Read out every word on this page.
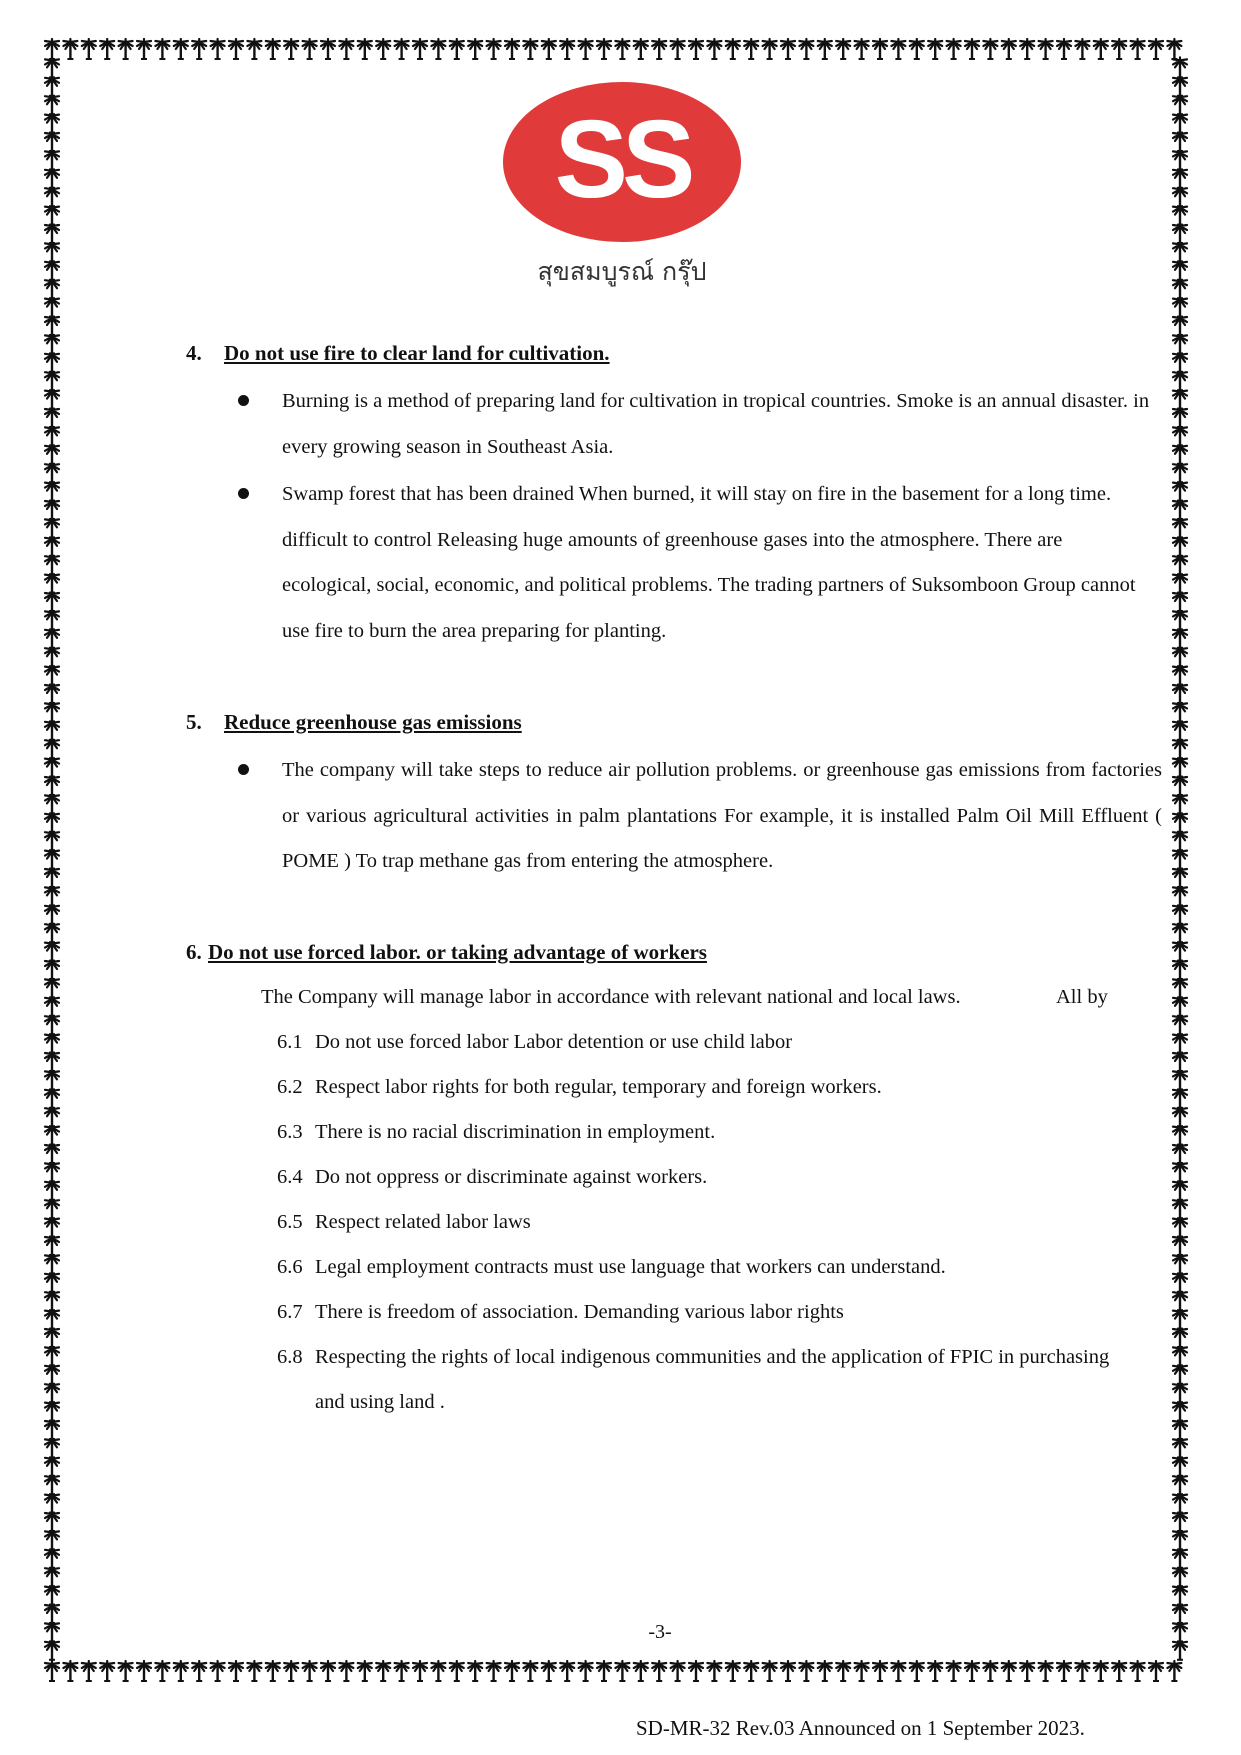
SS
สุขสมบูรณ์ กรุ๊ป
4. Do not use fire to clear land for cultivation.

Burning is a method of preparing land for cultivation in tropical countries. Smoke is an annual disaster. in every growing season in Southeast Asia.

Swamp forest that has been drained When burned, it will stay on fire in the basement for a long time. difficult to control Releasing huge amounts of greenhouse gases into the atmosphere. There are ecological, social, economic, and political problems. The trading partners of Suksomboon Group cannot use fire to burn the area preparing for planting.

5. Reduce greenhouse gas emissions

The company will take steps to reduce air pollution problems. or greenhouse gas emissions from factories or various agricultural activities in palm plantations For example, it is installed Palm Oil Mill Effluent ( POME ) To trap methane gas from entering the atmosphere.

6. Do not use forced labor. or taking advantage of workers
The Company will manage labor in accordance with relevant national and local laws.	All by
6.1 Do not use forced labor Labor detention or use child labor
6.2 Respect labor rights for both regular, temporary and foreign workers.
6.3 There is no racial discrimination in employment.
6.4 Do not oppress or discriminate against workers.
6.5 Respect related labor laws
6.6 Legal employment contracts must use language that workers can understand.
6.7 There is freedom of association. Demanding various labor rights
6.8 Respecting the rights of local indigenous communities and the application of FPIC in purchasing
and using land .
-3-
SD-MR-32 Rev.03 Announced on 1 September 2023.
